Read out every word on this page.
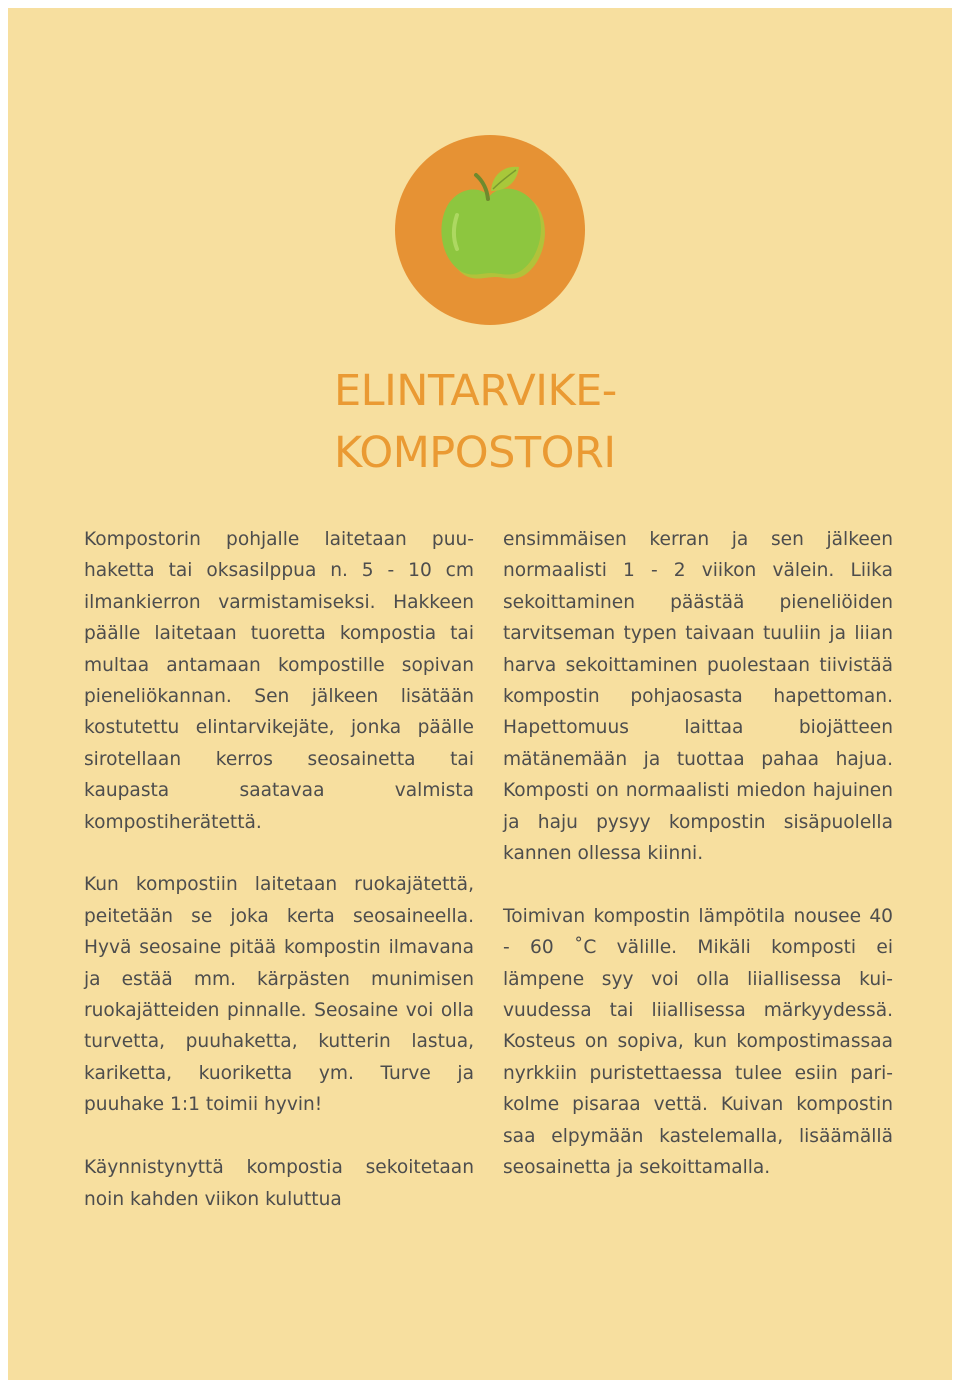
ELINTARVIKE-
KOMPOSTORI

Kompostorin pohjalle laitetaan puuhaketta tai oksasilppua n. 5 - 10 cm ilmankierron varmistamiseksi. Hakkeen päälle laitetaan tuoretta kompostia tai multaa antamaan kompostille sopivan pieneliökannan. Sen jälkeen lisätään kostutettu elintarvikejäte, jonka päälle sirotellaan kerros seosainetta tai kaupasta saatavaa valmista kompostiherätettä.

Kun kompostiin laitetaan ruokajätettä, peitetään se joka kerta seosaineella. Hyvä seosaine pitää kompostin ilmavana ja estää mm. kärpästen munimisen ruokajätteiden pinnalle. Seosaine voi olla turvetta, puuhaketta, kutterin lastua, kariketta, kuoriketta ym. Turve ja puuhake 1:1 toimii hyvin!

Käynnistynyttä kompostia sekoitetaan noin kahden viikon kuluttua

ensimmäisen kerran ja sen jälkeen normaalisti 1 - 2 viikon välein. Liika sekoittaminen päästää pieneliöiden tarvitseman typen taivaan tuuliin ja liian harva sekoittaminen puolestaan tiivistää kompostin pohjaosasta hapettoman. Hapettomuus laittaa biojätteen mätänemään ja tuottaa pahaa hajua. Komposti on normaalisti miedon hajuinen ja haju pysyy kompostin sisäpuolella kannen ollessa kiinni.

Toimivan kompostin lämpötila nousee 40 - 60 ˚C välille. Mikäli komposti ei lämpene syy voi olla liiallisessa kuivuudessa tai liiallisessa märkyydessä. Kosteus on sopiva, kun kompostimassaa nyrkkiin puristettaessa tulee esiin pari-kolme pisaraa vettä. Kuivan kompostin saa elpymään kastelemalla, lisäämällä seosainetta ja sekoittamalla.
